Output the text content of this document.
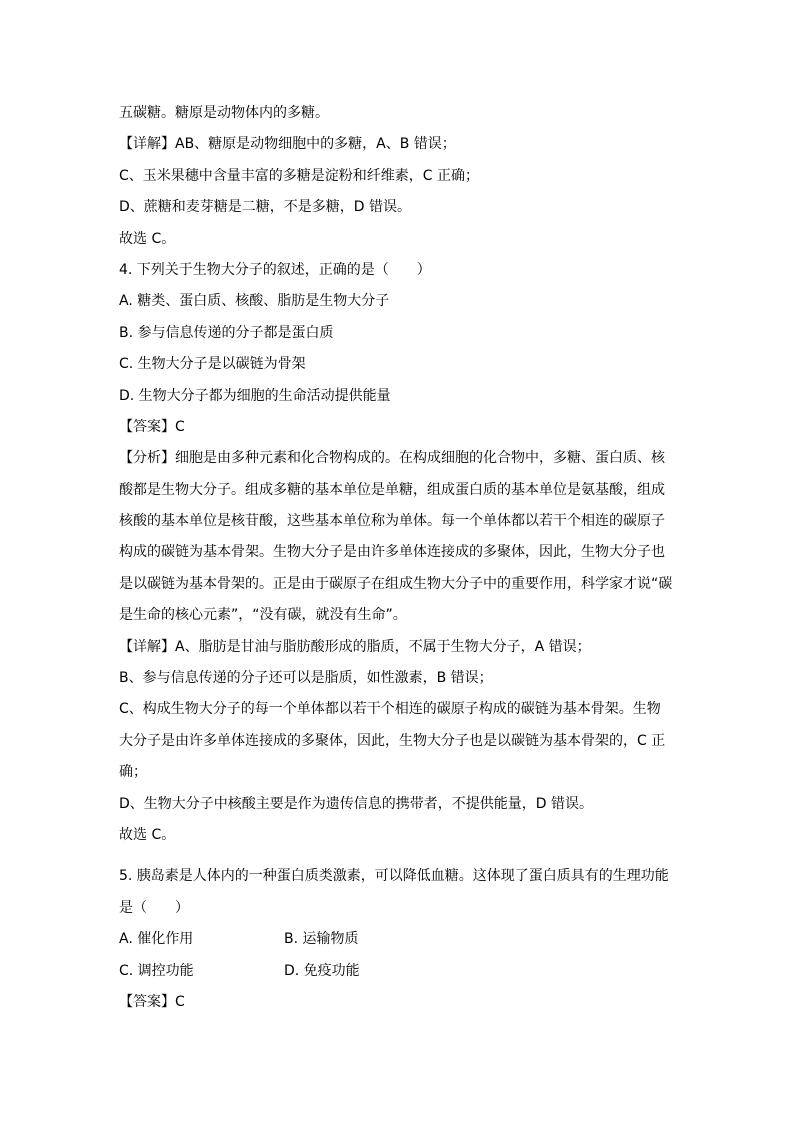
五碳糖。糖原是动物体内的多糖。
【详解】AB、糖原是动物细胞中的多糖，A、B 错误；
C、玉米果穗中含量丰富的多糖是淀粉和纤维素，C 正确；
D、蔗糖和麦芽糖是二糖，不是多糖，D 错误。
故选 C。
4. 下列关于生物大分子的叙述，正确的是（　　）
A. 糖类、蛋白质、核酸、脂肪是生物大分子
B. 参与信息传递的分子都是蛋白质
C. 生物大分子是以碳链为骨架
D. 生物大分子都为细胞的生命活动提供能量
【答案】C
【分析】细胞是由多种元素和化合物构成的。在构成细胞的化合物中，多糖、蛋白质、核
酸都是生物大分子。组成多糖的基本单位是单糖，组成蛋白质的基本单位是氨基酸，组成
核酸的基本单位是核苷酸，这些基本单位称为单体。每一个单体都以若干个相连的碳原子
构成的碳链为基本骨架。生物大分子是由许多单体连接成的多聚体，因此，生物大分子也
是以碳链为基本骨架的。正是由于碳原子在组成生物大分子中的重要作用，科学家才说“碳
是生命的核心元素”，“没有碳，就没有生命”。
【详解】A、脂肪是甘油与脂肪酸形成的脂质，不属于生物大分子，A 错误；
B、参与信息传递的分子还可以是脂质，如性激素，B 错误；
C、构成生物大分子的每一个单体都以若干个相连的碳原子构成的碳链为基本骨架。生物
大分子是由许多单体连接成的多聚体，因此，生物大分子也是以碳链为基本骨架的，C 正
确；
D、生物大分子中核酸主要是作为遗传信息的携带者，不提供能量，D 错误。
故选 C。
5. 胰岛素是人体内的一种蛋白质类激素，可以降低血糖。这体现了蛋白质具有的生理功能
是（　　）
A. 催化作用	B. 运输物质
C. 调控功能	D. 免疫功能
【答案】C
